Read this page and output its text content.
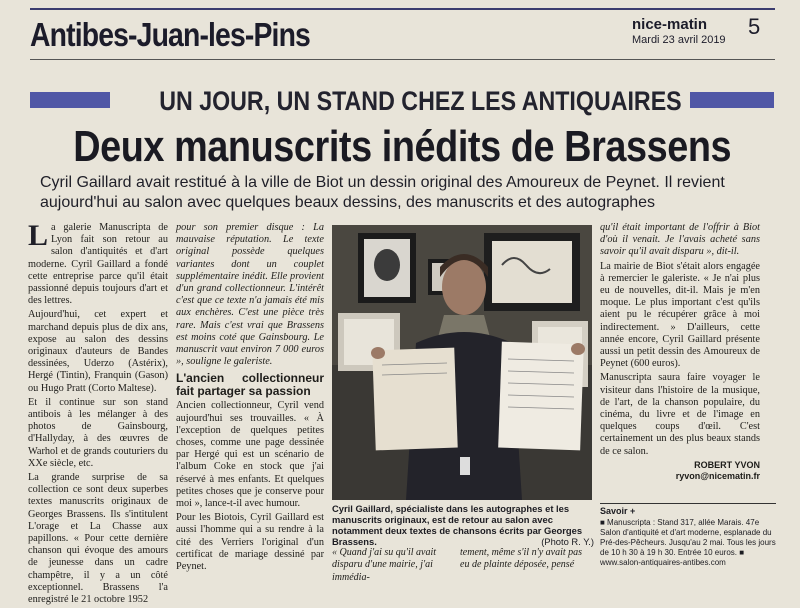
Antibes-Juan-les-Pins	nice-matin
Mardi 23 avril 2019
5
UN JOUR, UN STAND CHEZ LES ANTIQUAIRES
Deux manuscrits inédits de Brassens
Cyril Gaillard avait restitué à la ville de Biot un dessin original des Amoureux de Peynet. Il revient aujourd'hui au salon avec quelques beaux dessins, des manuscrits et des autographes

La galerie Manuscripta de Lyon fait son retour au salon d'antiquités et d'art moderne. Cyril Gaillard a fondé cette entreprise parce qu'il était passionné depuis toujours d'art et des lettres.

Aujourd'hui, cet expert et marchand depuis plus de dix ans, expose au salon des dessins originaux d'auteurs de Bandes dessinées, Uderzo (Astérix), Hergé (Tintin), Franquin (Gason) ou Hugo Pratt (Corto Maltese).

Et il continue sur son stand antibois à les mélanger à des photos de Gainsbourg, d'Hallyday, à des œuvres de Warhol et de grands couturiers du XXe siècle, etc.

La grande surprise de sa collection ce sont deux superbes textes manuscrits originaux de Georges Brassens. Ils s'intitulent L'orage et La Chasse aux papillons. « Pour cette dernière chanson qui évoque des amours de jeunesse dans un cadre champêtre, il y a un côté exceptionnel. Brassens l'a enregistré le 21 octobre 1952

pour son premier disque : La mauvaise réputation. Le texte original possède quelques variantes dont un couplet supplémentaire inédit. Elle provient d'un grand collectionneur. L'intérêt c'est que ce texte n'a jamais été mis aux enchères. C'est une pièce très rare. Mais c'est vrai que Brassens est moins coté que Gainsbourg. Le manuscrit vaut environ 7 000 euros », souligne le galeriste.

L'ancien collectionneur fait partager sa passion

Ancien collectionneur, Cyril vend aujourd'hui ses trouvailles. « À l'exception de quelques petites choses, comme une page dessinée par Hergé qui est un scénario de l'album Coke en stock que j'ai réservé à mes enfants. Et quelques petites choses que je conserve pour moi », lance-t-il avec humour.

Pour les Biotois, Cyril Gaillard est aussi l'homme qui a su rendre à la cité des Verriers l'original d'un certificat de mariage dessiné par Peynet.

Cyril Gaillard, spécialiste dans les autographes et les manuscrits originaux, est de retour au salon avec notamment deux textes de chansons écrits par Georges Brassens.	(Photo R. Y.)
« Quand j'ai su qu'il avait disparu d'une mairie, j'ai immédia-
tement, même s'il n'y avait pas eu de plainte déposée, pensé

qu'il était important de l'offrir à Biot d'où il venait. Je l'avais acheté sans savoir qu'il avait disparu », dit-il.

La mairie de Biot s'était alors engagée à remercier le galeriste. « Je n'ai plus eu de nouvelles, dit-il. Mais je m'en moque. Le plus important c'est qu'ils aient pu le récupérer grâce à moi indirectement. » D'ailleurs, cette année encore, Cyril Gaillard présente aussi un petit dessin des Amoureux de Peynet (600 euros).

Manuscripta saura faire voyager le visiteur dans l'histoire de la musique, de l'art, de la chanson populaire, du cinéma, du livre et de l'image en quelques coups d'œil. C'est certainement un des plus beaux stands de ce salon.

ROBERT YVON
ryvon@nicematin.fr
Savoir +
■ Manuscripta : Stand 317, allée Marais. 47e Salon d'antiquité et d'art moderne, esplanade du Pré-des-Pêcheurs. Jusqu'au 2 mai. Tous les jours de 10 h 30 à 19 h 30. Entrée 10 euros. ■ www.salon-antiquaires-antibes.com
